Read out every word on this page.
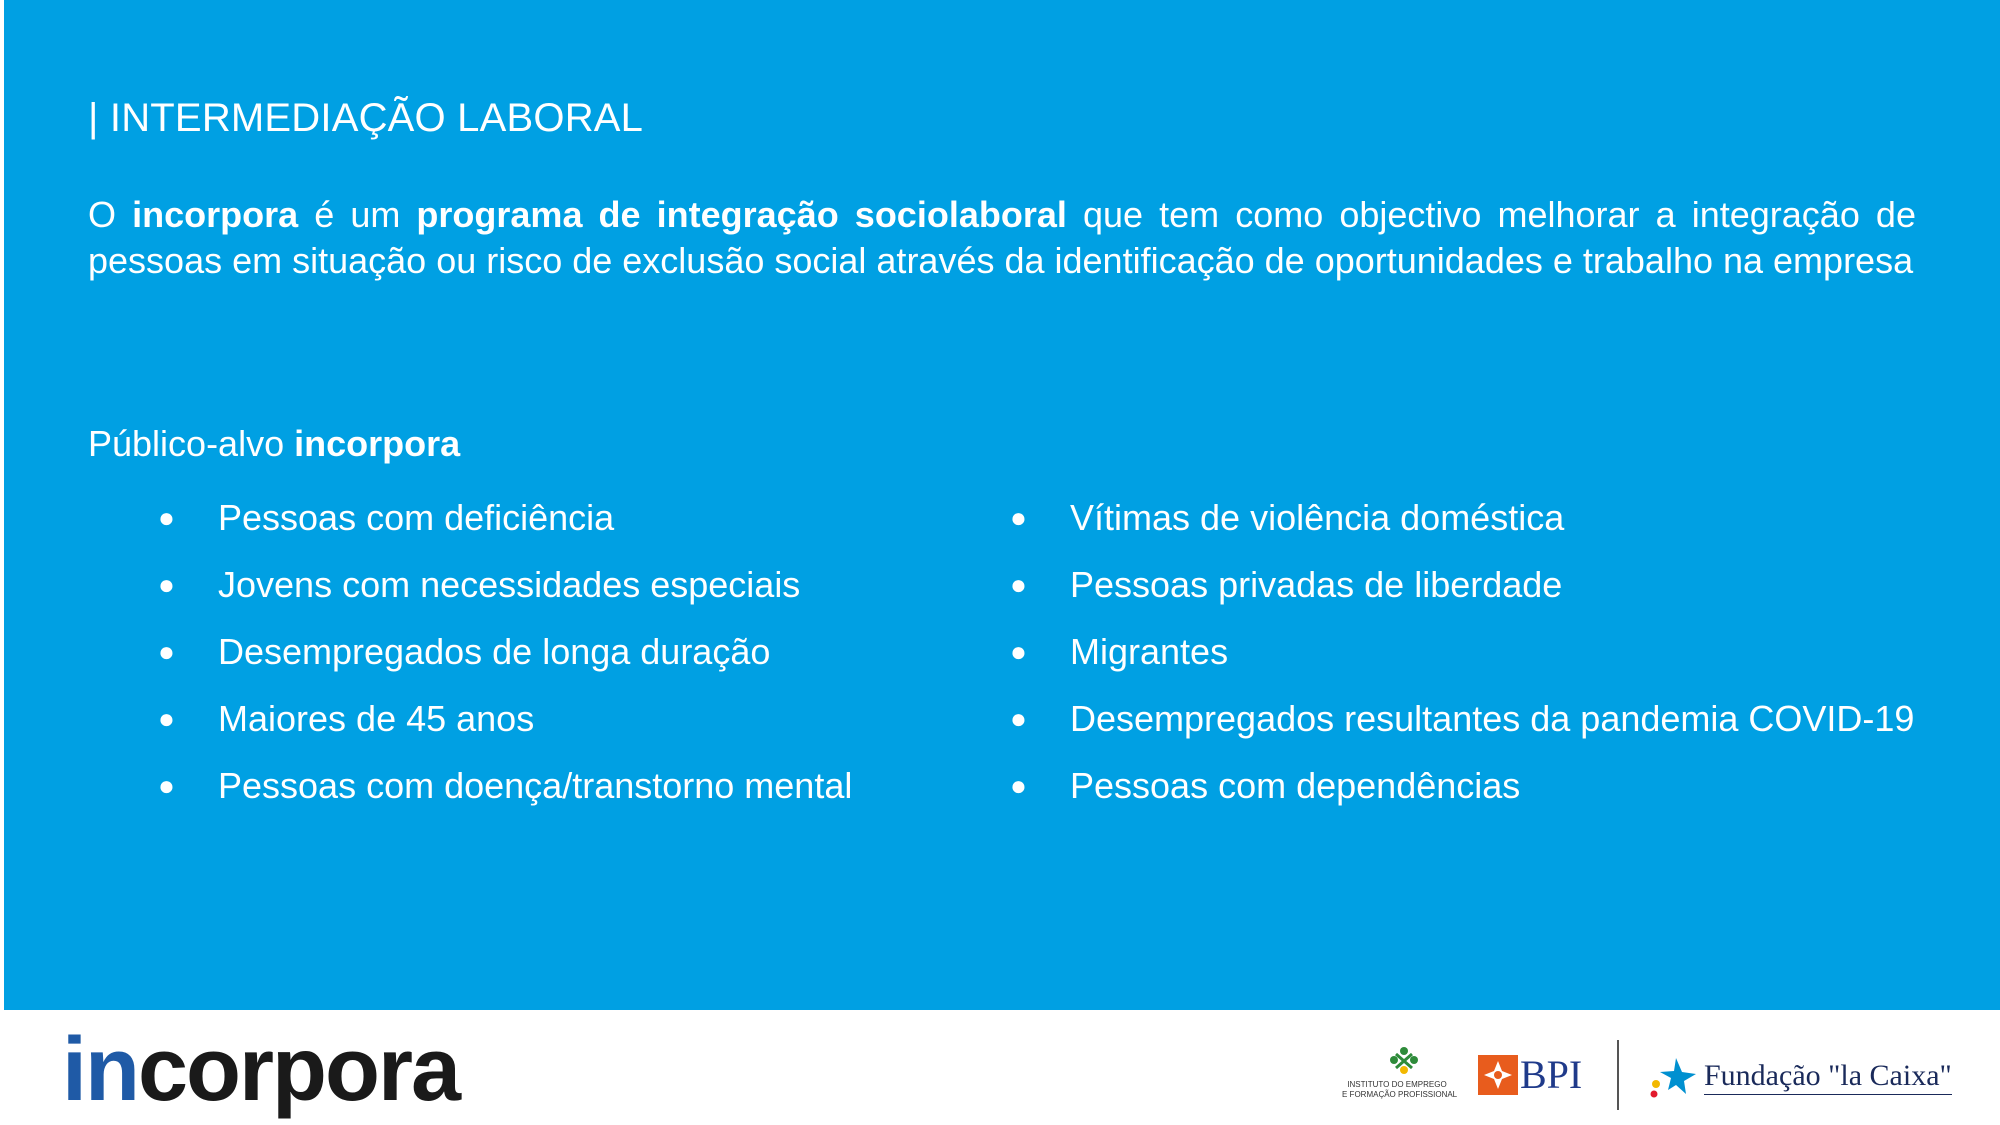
| INTERMEDIAÇÃO LABORAL
O incorpora é um programa de integração sociolaboral que tem como objectivo melhorar a integração de pessoas em situação ou risco de exclusão social através da identificação de oportunidades e trabalho na empresa
Público-alvo incorpora
●	Pessoas com deficiência
●	Jovens com necessidades especiais
●	Desempregados de longa duração
●	Maiores de 45 anos
●	Pessoas com doença/transtorno mental
●	Vítimas de violência doméstica
●	Pessoas privadas de liberdade
●	Migrantes
●	Desempregados resultantes da pandemia COVID-19
●	Pessoas com dependências
incorpora	INSTITUTO DO EMPREGO
E FORMAÇÃO PROFISSIONAL BPI	Fundação "la Caixa"
